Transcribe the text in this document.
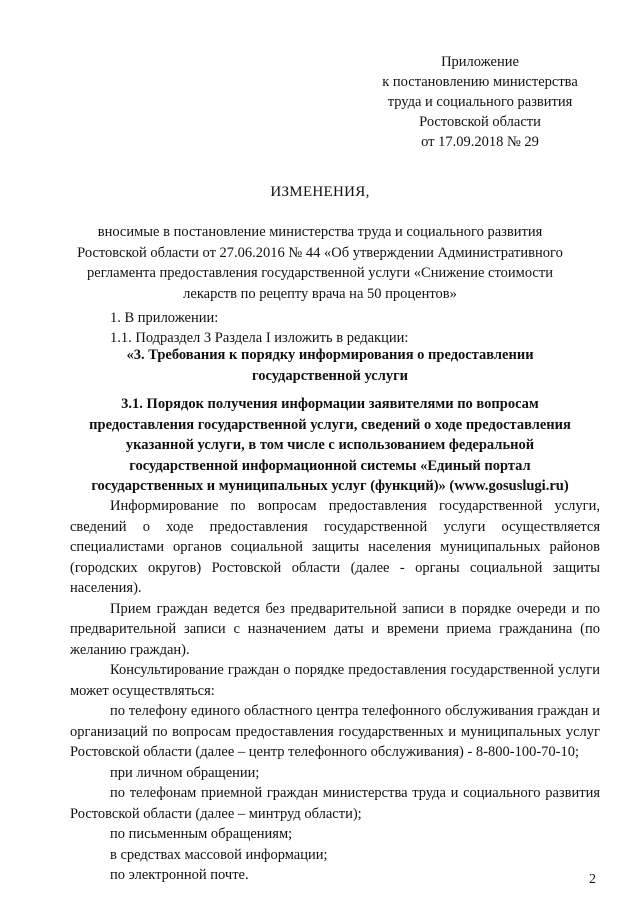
Приложение
к постановлению министерства
труда и социального развития
Ростовской области
от 17.09.2018 № 29
ИЗМЕНЕНИЯ,
вносимые в постановление министерства труда и социального развития
Ростовской области от 27.06.2016 № 44 «Об утверждении Административного
регламента предоставления государственной услуги «Снижение стоимости
лекарств по рецепту врача на 50 процентов»
1. В приложении:
1.1. Подраздел 3 Раздела I изложить в редакции:
«3. Требования к порядку информирования о предоставлении
государственной услуги
3.1. Порядок получения информации заявителями по вопросам
предоставления государственной услуги, сведений о ходе предоставления
указанной услуги, в том числе с использованием федеральной
государственной информационной системы «Единый портал
государственных и муниципальных услуг (функций)» (www.gosuslugi.ru)

Информирование по вопросам предоставления государственной услуги, сведений о ходе предоставления государственной услуги осуществляется специалистами органов социальной защиты населения муниципальных районов (городских округов) Ростовской области (далее - органы социальной защиты населения).

Прием граждан ведется без предварительной записи в порядке очереди и по предварительной записи с назначением даты и времени приема гражданина (по желанию граждан).

Консультирование граждан о порядке предоставления государственной услуги может осуществляться:

по телефону единого областного центра телефонного обслуживания граждан и организаций по вопросам предоставления государственных и муниципальных услуг Ростовской области (далее – центр телефонного обслуживания) - 8-800-100-70-10;

при личном обращении;

по телефонам приемной граждан министерства труда и социального развития Ростовской области (далее – минтруд области);

по письменным обращениям;

в средствах массовой информации;

по электронной почте.	2
